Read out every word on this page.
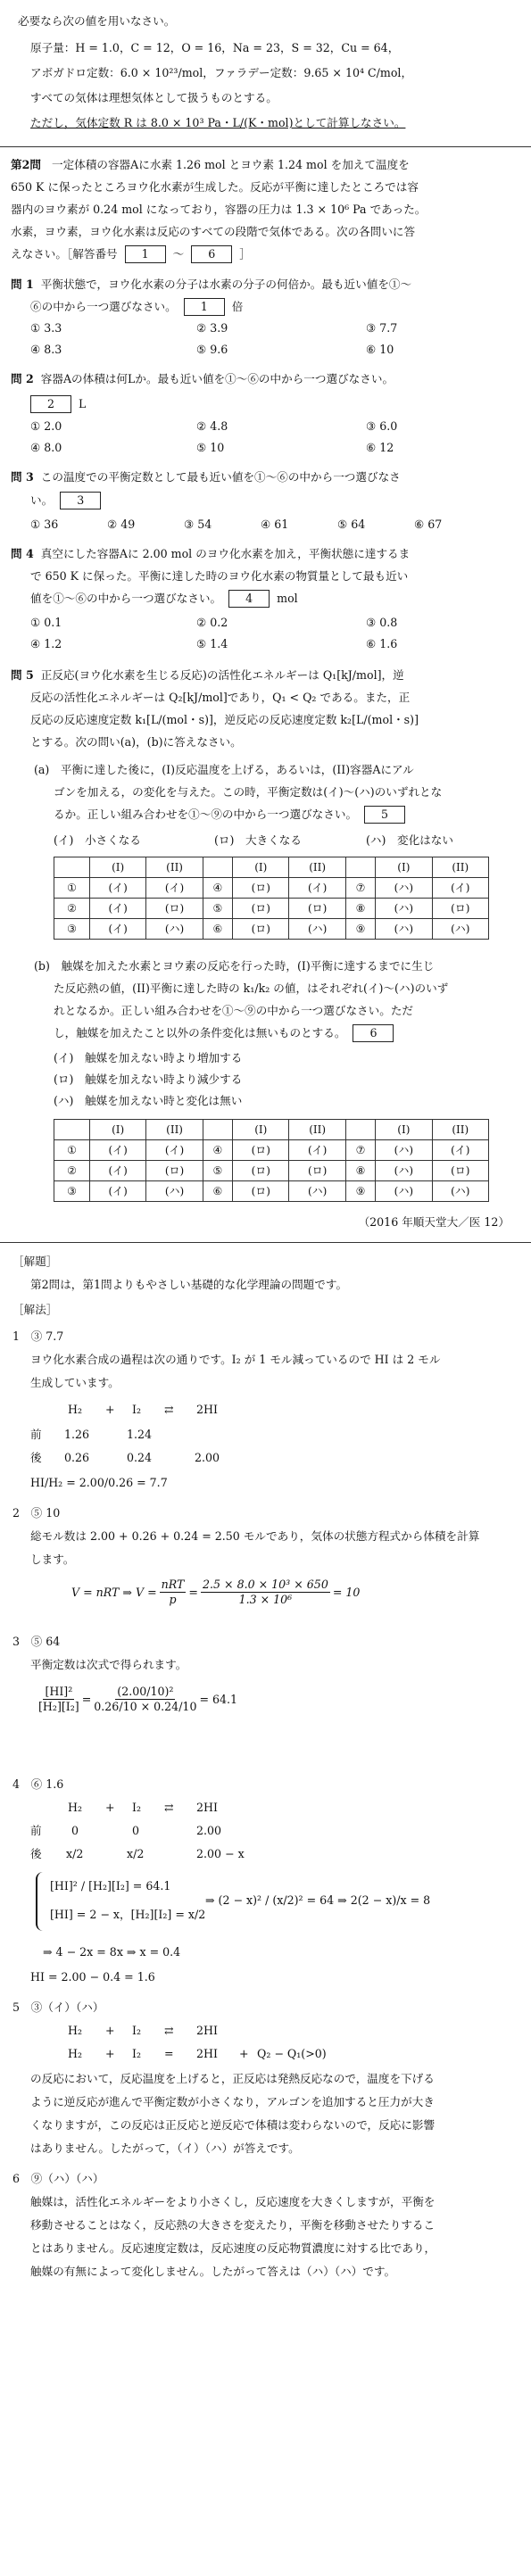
必要なら次の値を用いなさい。
原子量：H = 1.0，C = 12，O = 16，Na = 23，S = 32，Cu = 64，
アボガドロ定数：6.0 × 10²³/mol，ファラデー定数：9.65 × 10⁴ C/mol，
すべての気体は理想気体として扱うものとする。
ただし，気体定数 R は 8.0 × 10³ Pa・L/(K・mol)として計算しなさい。
第2問 一定体積の容器Aに水素 1.26 mol とヨウ素 1.24 mol を加えて温度を
650 K に保ったところヨウ化水素が生成した。反応が平衡に達したところでは容
器内のヨウ素が 0.24 mol になっており，容器の圧力は 1.3 × 10⁶ Pa であった。
水素，ヨウ素，ヨウ化水素は反応のすべての段階で気体である。次の各問いに答
えなさい。［解答番号 1 〜 6 ］
問 1 平衡状態で，ヨウ化水素の分子は水素の分子の何倍か。最も近い値を①〜
⑥の中から一つ選びなさい。 1 倍
① 3.3	② 3.9	③ 7.7
④ 8.3	⑤ 9.6	⑥ 10
問 2 容器Aの体積は何Lか。最も近い値を①〜⑥の中から一つ選びなさい。
2 L
① 2.0	② 4.8	③ 6.0
④ 8.0	⑤ 10	⑥ 12
問 3 この温度での平衡定数として最も近い値を①〜⑥の中から一つ選びなさ
い。 3
① 36	② 49	③ 54	④ 61	⑤ 64	⑥ 67
問 4 真空にした容器Aに 2.00 mol のヨウ化水素を加え，平衡状態に達するま
で 650 K に保った。平衡に達した時のヨウ化水素の物質量として最も近い
値を①〜⑥の中から一つ選びなさい。 4 mol
① 0.1	② 0.2	③ 0.8
④ 1.2	⑤ 1.4	⑥ 1.6
問 5 正反応(ヨウ化水素を生じる反応)の活性化エネルギーは Q₁[kJ/mol]，逆
反応の活性化エネルギーは Q₂[kJ/mol]であり，Q₁ < Q₂ である。また，正
反応の反応速度定数 k₁[L/(mol・s)]，逆反応の反応速度定数 k₂[L/(mol・s)]
とする。次の問い(a)，(b)に答えなさい。
(a)　平衡に達した後に，(I)反応温度を上げる，あるいは，(II)容器Aにアル
ゴンを加える，の変化を与えた。この時，平衡定数は(イ)〜(ハ)のいずれとな
るか。正しい組み合わせを①〜⑨の中から一つ選びなさい。 5
(イ)　小さくなる	(ロ)　大きくなる	(ハ)　変化はない
	(I)	(II)		(I)	(II)		(I)	(II)
①	(イ)	(イ)	④	(ロ)	(イ)	⑦	(ハ)	(イ)
②	(イ)	(ロ)	⑤	(ロ)	(ロ)	⑧	(ハ)	(ロ)
③	(イ)	(ハ)	⑥	(ロ)	(ハ)	⑨	(ハ)	(ハ)
(b)　触媒を加えた水素とヨウ素の反応を行った時，(I)平衡に達するまでに生じ
た反応熱の値，(II)平衡に達した時の k₁/k₂ の値，はそれぞれ(イ)〜(ハ)のいず
れとなるか。正しい組み合わせを①〜⑨の中から一つ選びなさい。ただ
し，触媒を加えたこと以外の条件変化は無いものとする。 6
(イ)　触媒を加えない時より増加する
(ロ)　触媒を加えない時より減少する
(ハ)　触媒を加えない時と変化は無い
	(I)	(II)		(I)	(II)		(I)	(II)
①	(イ)	(イ)	④	(ロ)	(イ)	⑦	(ハ)	(イ)
②	(イ)	(ロ)	⑤	(ロ)	(ロ)	⑧	(ハ)	(ロ)
③	(イ)	(ハ)	⑥	(ロ)	(ハ)	⑨	(ハ)	(ハ)
（2016 年順天堂大／医 12）
［解題］
第2問は，第1問よりもやさしい基礎的な化学理論の問題です。
［解法］
1　③ 7.7
ヨウ化水素合成の過程は次の通りです。I₂ が 1 モル減っているので HI は 2 モル
生成しています。
H₂ + I₂ ⇄ 2HI
前 1.26	1.24
後 0.26	0.24	2.00
HI/H₂ = 2.00/0.26 = 7.7
2　⑤ 10
総モル数は 2.00 + 0.26 + 0.24 = 2.50 モルであり，気体の状態方程式から体積を計算
します。
V = nRT ⇒ $V = \frac{\text{nRT}}{p} = \frac{\text{2.5 × 8.0 × 10³ × 650}}{\text{1.3 × 10⁶}} = 10$
3　⑤ 64
平衡定数は次式で得られます。
$\frac{\text{[HI]²}}{\text{[H₂][I₂]}} = \frac{\text{(2.00/10)²}}{0.26/10 \times 0.24/10} = 64.1$
4　⑥ 1.6
H₂ + I₂ ⇄ 2HI
前	0	0	2.00
後 x/2	x/2	2.00 − x
[HI]² / [H₂][I₂] = 64.1
[HI] = 2 − x，[H₂][I₂] = x/2
⇒ (2 − x)² / (x/2)² = 64 ⇒ 2(2 − x)/x = 8
⇒ 4 − 2x = 8x ⇒ x = 0.4
HI = 2.00 − 0.4 = 1.6
5　③（イ）（ハ）
H₂ + I₂ ⇄ 2HI
H₂ + I₂ = 2HI + Q₂ − Q₁(>0)
の反応において，反応温度を上げると，正反応は発熱反応なので，温度を下げる
ように逆反応が進んで平衡定数が小さくなり，アルゴンを追加すると圧力が大き
くなりますが，この反応は正反応と逆反応で体積は変わらないので，反応に影響
はありません。したがって，（イ）（ハ）が答えです。
6　⑨（ハ）（ハ）
触媒は，活性化エネルギーをより小さくし，反応速度を大きくしますが，平衡を
移動させることはなく，反応熱の大きさを変えたり，平衡を移動させたりするこ
とはありません。反応速度定数は，反応速度の反応物質濃度に対する比であり，
触媒の有無によって変化しません。したがって答えは（ハ）（ハ）です。
